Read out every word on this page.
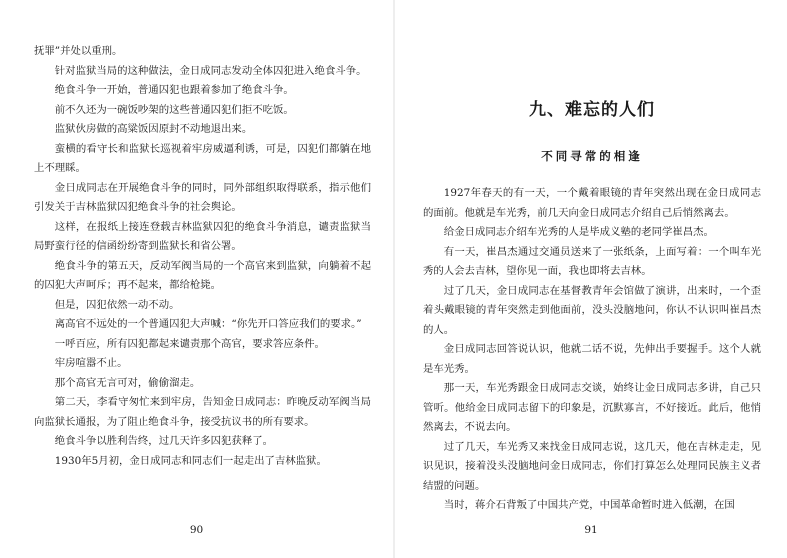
抚罪”并处以重刑。

针对监狱当局的这种做法，金日成同志发动全体囚犯进入绝食斗争。

绝食斗争一开始，普通囚犯也跟着参加了绝食斗争。

前不久还为一碗饭吵架的这些普通囚犯们拒不吃饭。

监狱伙房做的高粱饭因原封不动地退出来。

蛮横的看守长和监狱长巡视着牢房威逼利诱，可是，囚犯们都躺在地上不理睬。

金日成同志在开展绝食斗争的同时，同外部组织取得联系，指示他们引发关于吉林监狱囚犯绝食斗争的社会舆论。

这样，在报纸上接连登载吉林监狱囚犯的绝食斗争消息，谴责监狱当局野蛮行径的信函纷纷寄到监狱长和省公署。

绝食斗争的第五天，反动军阀当局的一个高官来到监狱，向躺着不起的囚犯大声呵斥；再不起来，都给枪毙。

但是，囚犯依然一动不动。

离高官不远处的一个普通囚犯大声喊：“你先开口答应我们的要求。”

一呼百应，所有囚犯都起来谴责那个高官，要求答应条件。

牢房喧嚣不止。

那个高官无言可对，偷偷溜走。

第二天，李看守匆忙来到牢房，告知金日成同志：昨晚反动军阀当局向监狱长通报，为了阻止绝食斗争，接受抗议书的所有要求。

绝食斗争以胜利告终，过几天许多囚犯获释了。

1930年5月初，金日成同志和同志们一起走出了吉林监狱。

90
九、难忘的人们
不同寻常的相逢

1927年春天的有一天，一个戴着眼镜的青年突然出现在金日成同志的面前。他就是车光秀，前几天向金日成同志介绍自己后悄然离去。

给金日成同志介绍车光秀的人是毕成义塾的老同学崔昌杰。

有一天，崔昌杰通过交通员送来了一张纸条，上面写着：一个叫车光秀的人会去吉林，望你见一面，我也即将去吉林。

过了几天，金日成同志在基督教青年会馆做了演讲，出来时，一个歪着头戴眼镜的青年突然走到他面前，没头没脑地问，你认不认识叫崔昌杰的人。

金日成同志回答说认识，他就二话不说，先伸出手要握手。这个人就是车光秀。

那一天，车光秀跟金日成同志交谈，始终让金日成同志多讲，自己只管听。他给金日成同志留下的印象是，沉默寡言，不好接近。此后，他悄然离去，不说去向。

过了几天，车光秀又来找金日成同志说，这几天，他在吉林走走，见识见识，接着没头没脑地问金日成同志，你们打算怎么处理同民族主义者结盟的问题。

当时，蒋介石背叛了中国共产党，中国革命暂时进入低潮，在国

91
